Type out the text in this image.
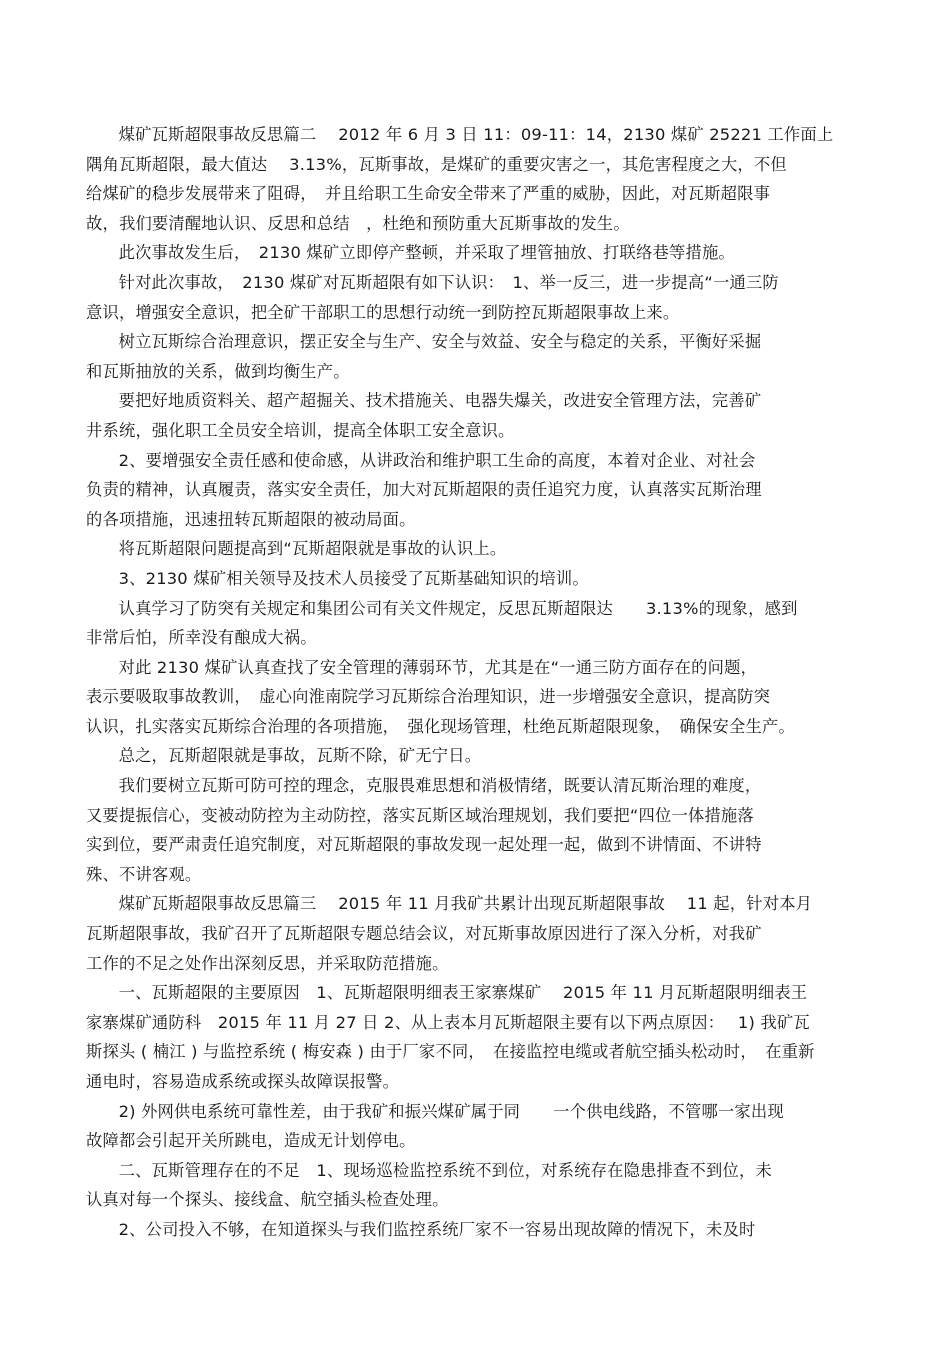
煤矿瓦斯超限事故反思篇二　 2012 年 6 月 3 日 11：09-11：14，2130 煤矿 25221 工作面上
隅角瓦斯超限，最大值达　 3.13%，瓦斯事故，是煤矿的重要灾害之一，其危害程度之大，不但
给煤矿的稳步发展带来了阻碍，　并且给职工生命安全带来了严重的威胁，因此，对瓦斯超限事
故，我们要清醒地认识、反思和总结　，杜绝和预防重大瓦斯事故的发生。
此次事故发生后，　2130 煤矿立即停产整顿，并采取了埋管抽放、打联络巷等措施。
针对此次事故，　2130 煤矿对瓦斯超限有如下认识：　1、举一反三，进一步提高“一通三防
意识，增强安全意识，把全矿干部职工的思想行动统一到防控瓦斯超限事故上来。
树立瓦斯综合治理意识，摆正安全与生产、安全与效益、安全与稳定的关系，平衡好采掘
和瓦斯抽放的关系，做到均衡生产。
要把好地质资料关、超产超掘关、技术措施关、电器失爆关，改进安全管理方法，完善矿
井系统，强化职工全员安全培训，提高全体职工安全意识。
2、要增强安全责任感和使命感，从讲政治和维护职工生命的高度，本着对企业、对社会
负责的精神，认真履责，落实安全责任，加大对瓦斯超限的责任追究力度，认真落实瓦斯治理
的各项措施，迅速扭转瓦斯超限的被动局面。
将瓦斯超限问题提高到“瓦斯超限就是事故的认识上。
3、2130 煤矿相关领导及技术人员接受了瓦斯基础知识的培训。
认真学习了防突有关规定和集团公司有关文件规定，反思瓦斯超限达　　3.13%的现象，感到
非常后怕，所幸没有酿成大祸。
对此 2130 煤矿认真查找了安全管理的薄弱环节，尤其是在“一通三防方面存在的问题，
表示要吸取事故教训，　虚心向淮南院学习瓦斯综合治理知识，进一步增强安全意识，提高防突
认识，扎实落实瓦斯综合治理的各项措施，　强化现场管理，杜绝瓦斯超限现象，　确保安全生产。
总之，瓦斯超限就是事故，瓦斯不除，矿无宁日。
我们要树立瓦斯可防可控的理念，克服畏难思想和消极情绪，既要认清瓦斯治理的难度，
又要提振信心，变被动防控为主动防控，落实瓦斯区域治理规划，我们要把“四位一体措施落
实到位，要严肃责任追究制度，对瓦斯超限的事故发现一起处理一起，做到不讲情面、不讲特
殊、不讲客观。
煤矿瓦斯超限事故反思篇三　 2015 年 11 月我矿共累计出现瓦斯超限事故　 11 起，针对本月
瓦斯超限事故，我矿召开了瓦斯超限专题总结会议，对瓦斯事故原因进行了深入分析，对我矿
工作的不足之处作出深刻反思，并采取防范措施。
一、瓦斯超限的主要原因　1、瓦斯超限明细表王家寨煤矿　 2015 年 11 月瓦斯超限明细表王
家寨煤矿通防科　2015 年 11 月 27 日 2、从上表本月瓦斯超限主要有以下两点原因：　 1) 我矿瓦
斯探头 ( 楠江 ) 与监控系统 ( 梅安森 ) 由于厂家不同，　在接监控电缆或者航空插头松动时，　在重新
通电时，容易造成系统或探头故障误报警。
2) 外网供电系统可靠性差，由于我矿和振兴煤矿属于同　　一个供电线路，不管哪一家出现
故障都会引起开关所跳电，造成无计划停电。
二、瓦斯管理存在的不足　1、现场巡检监控系统不到位，对系统存在隐患排查不到位，未
认真对每一个探头、接线盒、航空插头检查处理。
2、公司投入不够，在知道探头与我们监控系统厂家不一容易出现故障的情况下，未及时
